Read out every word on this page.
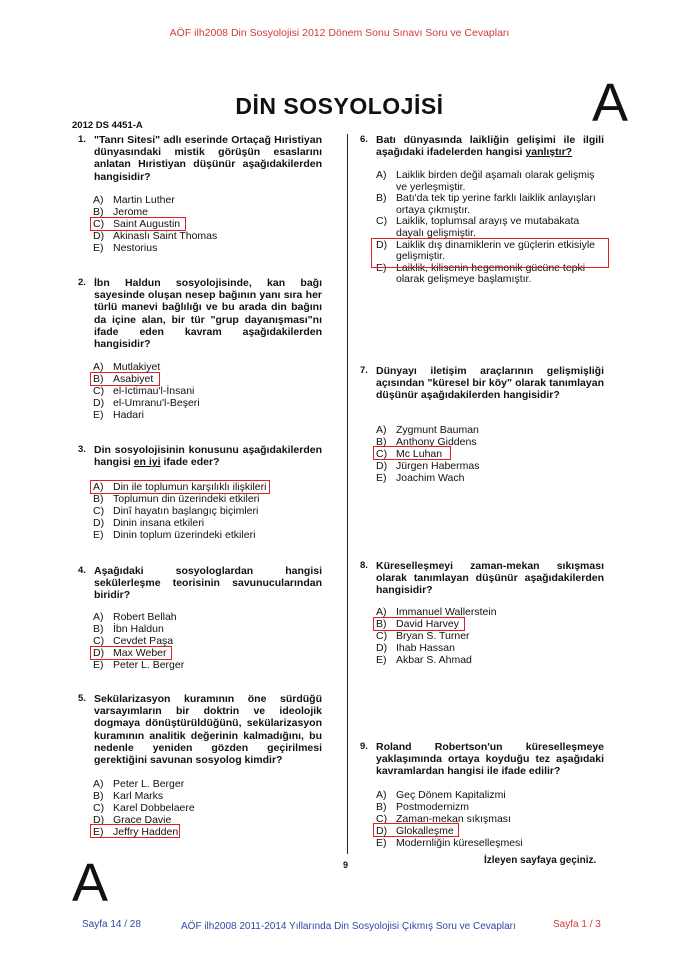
AÖF ilh2008 Din Sosyolojisi 2012 Dönem Sonu Sınavı Soru ve Cevapları
DİN SOSYOLOJİSİ	A
2012 DS 4451-A
1. "Tanrı Sitesi" adlı eserinde Ortaçağ Hıristiyan dünyasındaki mistik görüşün esaslarını anlatan Hıristiyan düşünür aşağıdakilerden hangisidir?
A) Martin Luther
B) Jerome
C) Saint Augustin
D) Akinaslı Saint Thomas
E) Nestorius
2. İbn Haldun sosyolojisinde, kan bağı sayesinde oluşan nesep bağının yanı sıra her türlü manevi bağlılığı ve bu arada din bağını da içine alan, bir tür "grup dayanışması"nı ifade eden kavram aşağıdakilerden hangisidir?
A) Mutlakiyet
B) Asabiyet
C) el-İctimau'l-İnsani
D) el-Umranu'l-Beşeri
E) Hadari
3. Din sosyolojisinin konusunu aşağıdakilerden hangisi en iyi ifade eder?
A) Din ile toplumun karşılıklı ilişkileri
B) Toplumun din üzerindeki etkileri
C) Dinî hayatın başlangıç biçimleri
D) Dinin insana etkileri
E) Dinin toplum üzerindeki etkileri
4. Aşağıdaki sosyologlardan hangisi sekülerleşme teorisinin savunucularından biridir?
A) Robert Bellah
B) İbn Haldun
C) Cevdet Paşa
D) Max Weber
E) Peter L. Berger
5. Sekülarizasyon kuramının öne sürdüğü varsayımların bir doktrin ve ideolojik dogmaya dönüştürüldüğünü, sekülarizasyon kuramının analitik değerinin kalmadığını, bu nedenle yeniden gözden geçirilmesi gerektiğini savunan sosyolog kimdir?
A) Peter L. Berger
B) Karl Marks
C) Karel Dobbelaere
D) Grace Davie
E) Jeffry Hadden
6. Batı dünyasında laikliğin gelişimi ile ilgili aşağıdaki ifadelerden hangisi yanlıştır?
A) Laiklik birden değil aşamalı olarak gelişmiş ve yerleşmiştir.
B) Batı'da tek tip yerine farklı laiklik anlayışları ortaya çıkmıştır.
C) Laiklik, toplumsal arayış ve mutabakata dayalı gelişmiştir.
D) Laiklik dış dinamiklerin ve güçlerin etkisiyle gelişmiştir.
E) Laiklik, kilisenin hegemonik gücüne tepki olarak gelişmeye başlamıştır.
7. Dünyayı iletişim araçlarının gelişmişliği açısından "küresel bir köy" olarak tanımlayan düşünür aşağıdakilerden hangisidir?
A) Zygmunt Bauman
B) Anthony Giddens
C) Mc Luhan
D) Jürgen Habermas
E) Joachim Wach
8. Küreselleşmeyi zaman-mekan sıkışması olarak tanımlayan düşünür aşağıdakilerden hangisidir?
A) Immanuel Wallerstein
B) David Harvey
C) Bryan S. Turner
D) Ihab Hassan
E) Akbar S. Ahmad
9. Roland Robertson'un küreselleşmeye yaklaşımında ortaya koyduğu tez aşağıdaki kavramlardan hangisi ile ifade edilir?
A) Geç Dönem Kapitalizmi
B) Postmodernizm
C) Zaman-mekan sıkışması
D) Glokalleşme
E) Modernliğin küreselleşmesi
A	9	İzleyen sayfaya geçiniz.
Sayfa 14 / 28	AÖF ilh2008 2011-2014 Yıllarında Din Sosyolojisi Çıkmış Soru ve Cevapları	Sayfa 1 / 3
